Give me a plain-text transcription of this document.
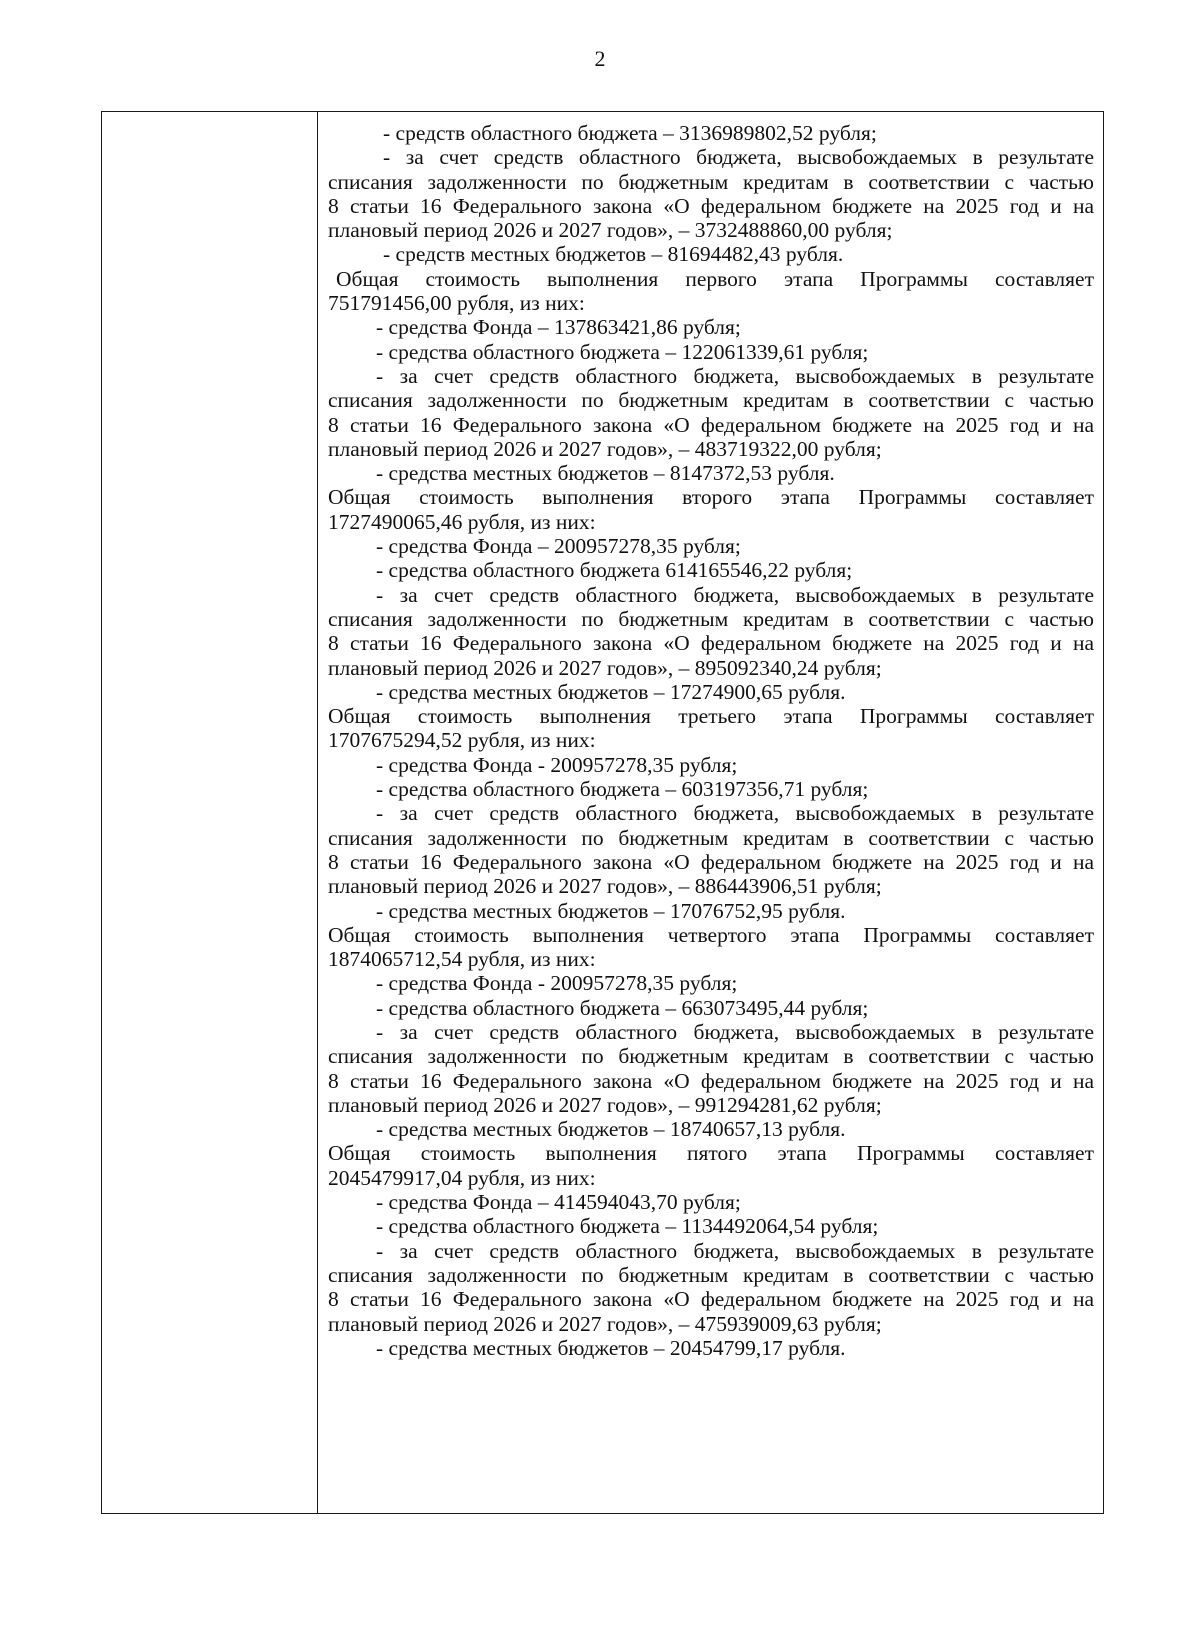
2
- средств областного бюджета – 3136989802,52 рубля;
- за счет средств областного бюджета, высвобождаемых в результате
списания задолженности по бюджетным кредитам в соответствии с частью
8 статьи 16 Федерального закона «О федеральном бюджете на 2025 год и на
плановый период 2026 и 2027 годов», – 3732488860,00 рубля;
- средств местных бюджетов – 81694482,43 рубля.
Общая стоимость выполнения первого этапа Программы составляет
751791456,00 рубля, из них:
- средства Фонда – 137863421,86 рубля;
- средства областного бюджета – 122061339,61 рубля;
- за счет средств областного бюджета, высвобождаемых в результате
списания задолженности по бюджетным кредитам в соответствии с частью
8 статьи 16 Федерального закона «О федеральном бюджете на 2025 год и на
плановый период 2026 и 2027 годов», – 483719322,00 рубля;
- средства местных бюджетов – 8147372,53 рубля.
Общая стоимость выполнения второго этапа Программы составляет
1727490065,46 рубля, из них:
- средства Фонда – 200957278,35 рубля;
- средства областного бюджета 614165546,22 рубля;
- за счет средств областного бюджета, высвобождаемых в результате
списания задолженности по бюджетным кредитам в соответствии с частью
8 статьи 16 Федерального закона «О федеральном бюджете на 2025 год и на
плановый период 2026 и 2027 годов», – 895092340,24 рубля;
- средства местных бюджетов – 17274900,65 рубля.
Общая стоимость выполнения третьего этапа Программы составляет
1707675294,52 рубля, из них:
- средства Фонда - 200957278,35 рубля;
- средства областного бюджета – 603197356,71 рубля;
- за счет средств областного бюджета, высвобождаемых в результате
списания задолженности по бюджетным кредитам в соответствии с частью
8 статьи 16 Федерального закона «О федеральном бюджете на 2025 год и на
плановый период 2026 и 2027 годов», – 886443906,51 рубля;
- средства местных бюджетов – 17076752,95 рубля.
Общая стоимость выполнения четвертого этапа Программы составляет
1874065712,54 рубля, из них:
- средства Фонда - 200957278,35 рубля;
- средства областного бюджета – 663073495,44 рубля;
- за счет средств областного бюджета, высвобождаемых в результате
списания задолженности по бюджетным кредитам в соответствии с частью
8 статьи 16 Федерального закона «О федеральном бюджете на 2025 год и на
плановый период 2026 и 2027 годов», – 991294281,62 рубля;
- средства местных бюджетов – 18740657,13 рубля.
Общая стоимость выполнения пятого этапа Программы составляет
2045479917,04 рубля, из них:
- средства Фонда – 414594043,70 рубля;
- средства областного бюджета – 1134492064,54 рубля;
- за счет средств областного бюджета, высвобождаемых в результате
списания задолженности по бюджетным кредитам в соответствии с частью
8 статьи 16 Федерального закона «О федеральном бюджете на 2025 год и на
плановый период 2026 и 2027 годов», – 475939009,63 рубля;
- средства местных бюджетов – 20454799,17 рубля.
